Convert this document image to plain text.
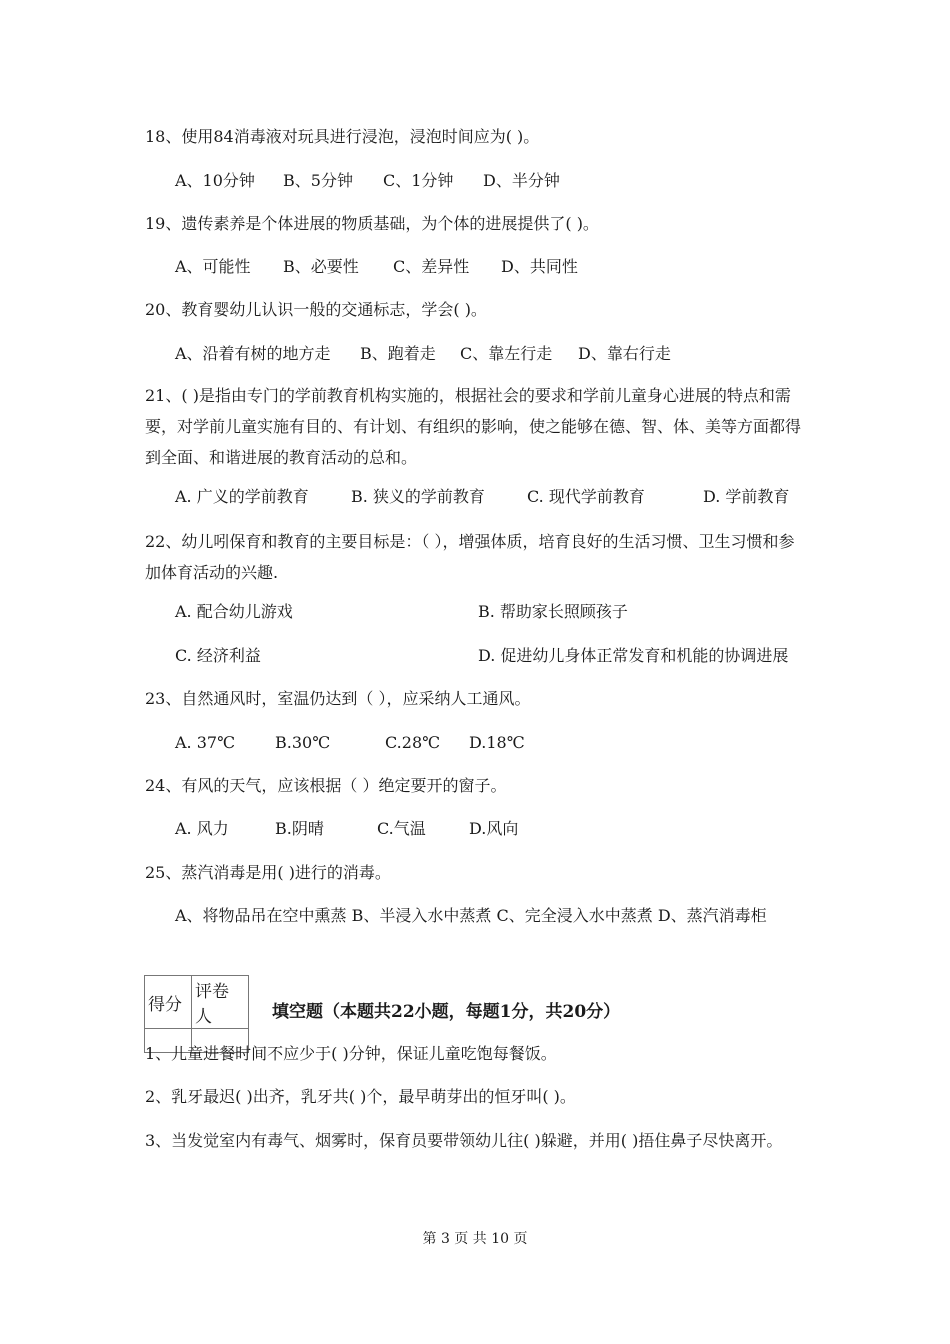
18、使用84消毒液对玩具进行浸泡，浸泡时间应为( )。
A、10分钟 B、5分钟 C、1分钟 D、半分钟
19、遗传素养是个体进展的物质基础，为个体的进展提供了( )。
A、可能性 B、必要性 C、差异性 D、共同性
20、教育婴幼儿认识一般的交通标志，学会( )。
A、沿着有树的地方走 B、跑着走 C、靠左行走 D、靠右行走
21、( )是指由专门的学前教育机构实施的，根据社会的要求和学前儿童身心进展的特点和需要，对学前儿童实施有目的、有计划、有组织的影响，使之能够在德、智、体、美等方面都得到全面、和谐进展的教育活动的总和。
A. 广义的学前教育	B. 狭义的学前教育	C. 现代学前教育	D. 学前教育
22、幼儿吲保育和教育的主要目标是：（ ），增强体质，培育良好的生活习惯、卫生习惯和参加体育活动的兴趣.
A. 配合幼儿游戏	B. 帮助家长照顾孩子
C. 经济利益	D. 促进幼儿身体正常发育和机能的协调进展
23、自然通风时，室温仍达到（ ），应采纳人工通风。
A. 37℃	B.30℃	C.28℃ D.18℃
24、有风的天气，应该根据（ ）绝定要开的窗子。
A. 风力	B.阴晴	C.气温	D.风向
25、蒸汽消毒是用( )进行的消毒。
A、将物品吊在空中熏蒸 B、半浸入水中蒸煮 C、完全浸入水中蒸煮 D、蒸汽消毒柜
得分	评卷人
		填空题（本题共22小题，每题1分，共20分）
1、儿童进餐时间不应少于( )分钟，保证儿童吃饱每餐饭。
2、乳牙最迟( )出齐，乳牙共( )个，最早萌芽出的恒牙叫( )。
3、当发觉室内有毒气、烟雾时，保育员要带领幼儿往( )躲避，并用( )捂住鼻子尽快离开。
第 3 页 共 10 页
